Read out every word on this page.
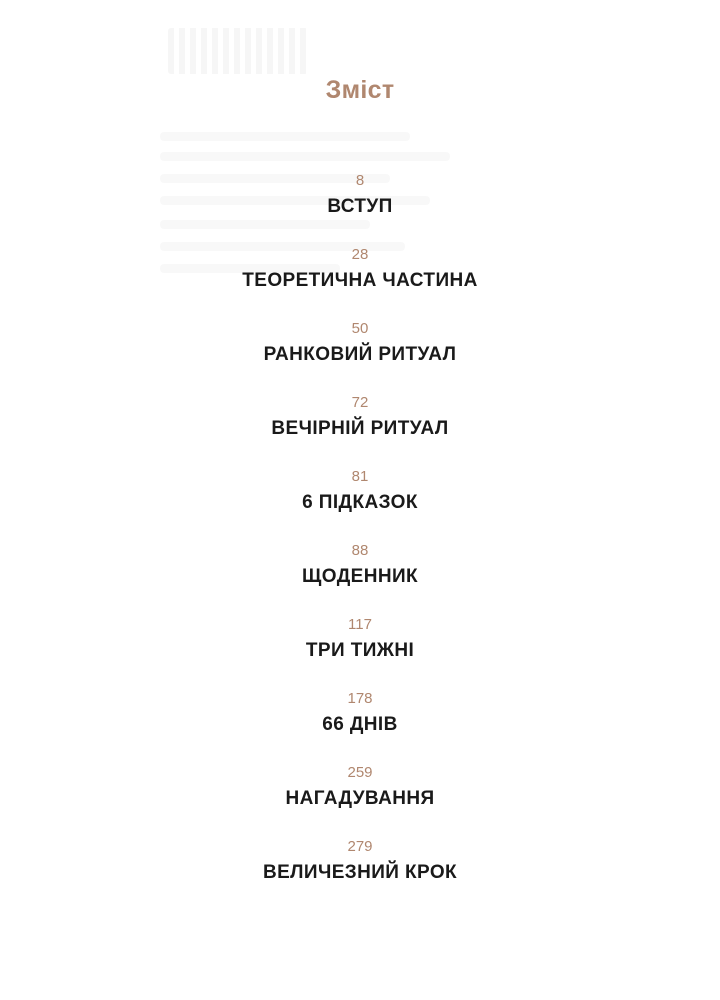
Зміст
8
ВСТУП
28
ТЕОРЕТИЧНА ЧАСТИНА
50
РАНКОВИЙ РИТУАЛ
72
ВЕЧІРНІЙ РИТУАЛ
81
6 ПІДКАЗОК
88
ЩОДЕННИК
117
ТРИ ТИЖНІ
178
66 ДНІВ
259
НАГАДУВАННЯ
279
ВЕЛИЧЕЗНИЙ КРОК
